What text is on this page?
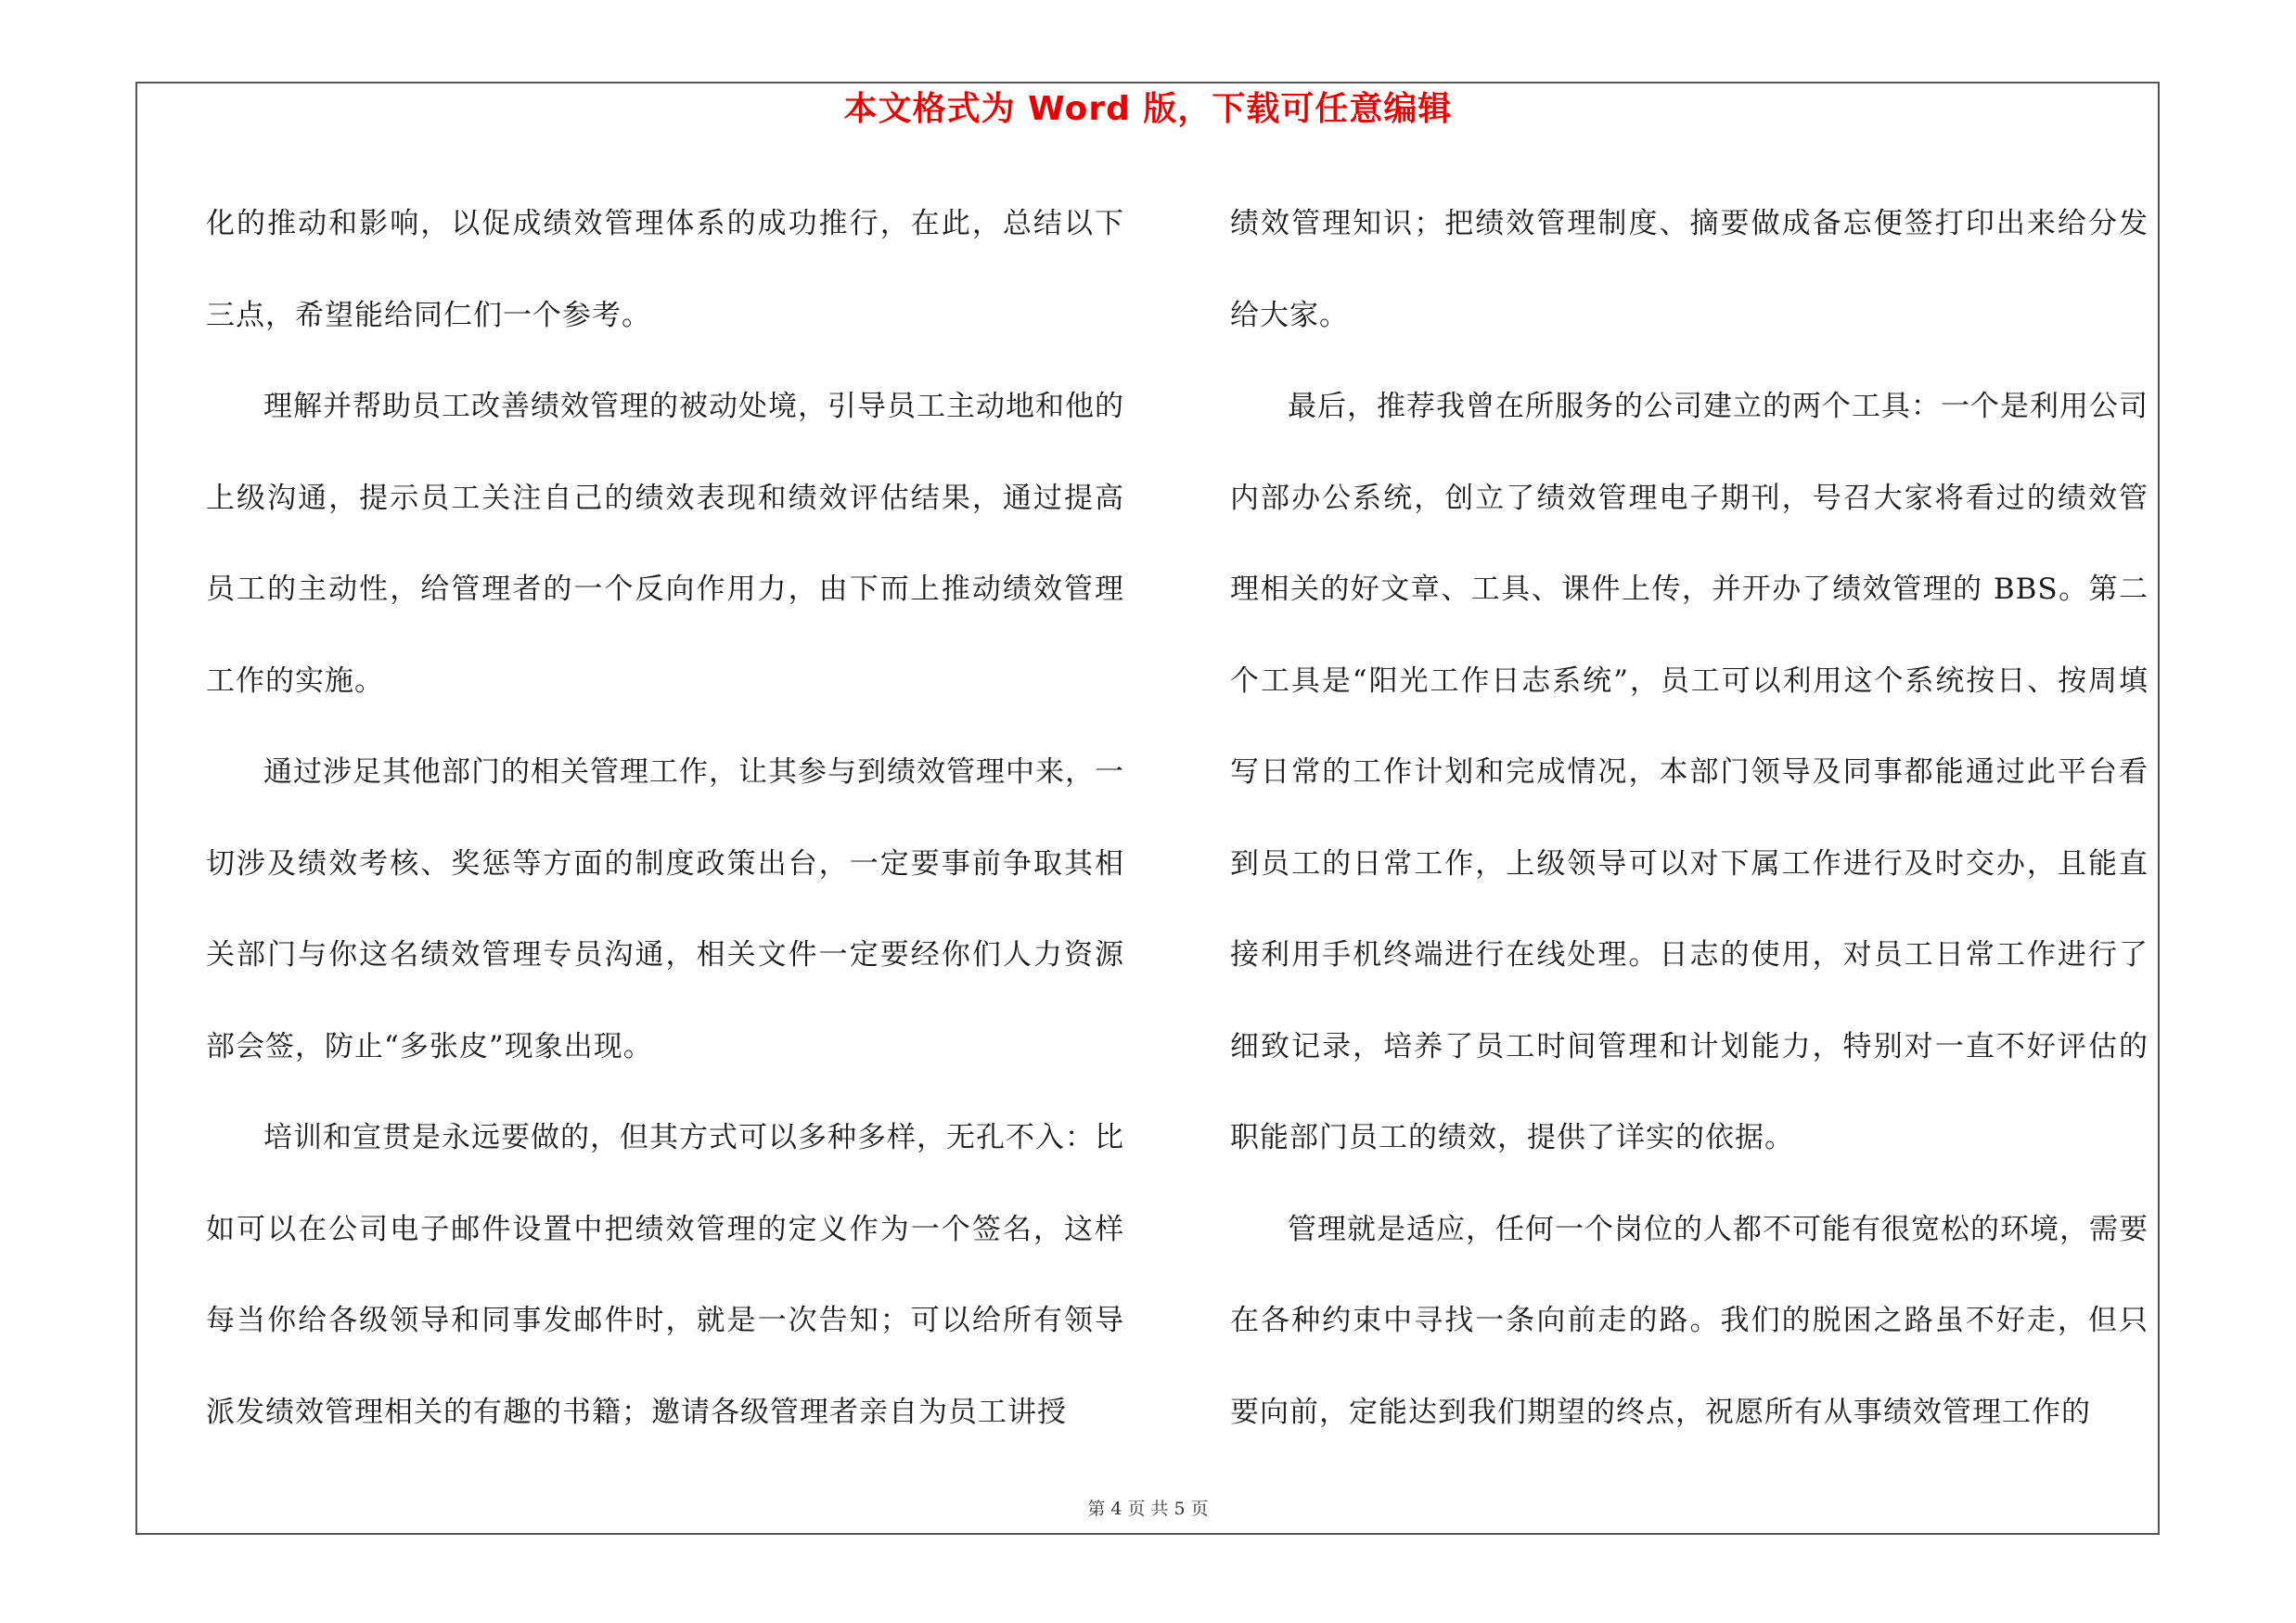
本文格式为 Word 版，下载可任意编辑

化的推动和影响，以促成绩效管理体系的成功推行，在此，总结以下三点，希望能给同仁们一个参考。

理解并帮助员工改善绩效管理的被动处境，引导员工主动地和他的上级沟通，提示员工关注自己的绩效表现和绩效评估结果，通过提高员工的主动性，给管理者的一个反向作用力，由下而上推动绩效管理工作的实施。

通过涉足其他部门的相关管理工作，让其参与到绩效管理中来，一切涉及绩效考核、奖惩等方面的制度政策出台，一定要事前争取其相关部门与你这名绩效管理专员沟通，相关文件一定要经你们人力资源部会签，防止“多张皮”现象出现。

培训和宣贯是永远要做的，但其方式可以多种多样，无孔不入：比如可以在公司电子邮件设置中把绩效管理的定义作为一个签名，这样每当你给各级领导和同事发邮件时，就是一次告知；可以给所有领导派发绩效管理相关的有趣的书籍；邀请各级管理者亲自为员工讲授

绩效管理知识；把绩效管理制度、摘要做成备忘便签打印出来给分发给大家。

最后，推荐我曾在所服务的公司建立的两个工具：一个是利用公司内部办公系统，创立了绩效管理电子期刊，号召大家将看过的绩效管理相关的好文章、工具、课件上传，并开办了绩效管理的 BBS。第二个工具是“阳光工作日志系统”，员工可以利用这个系统按日、按周填写日常的工作计划和完成情况，本部门领导及同事都能通过此平台看到员工的日常工作，上级领导可以对下属工作进行及时交办，且能直接利用手机终端进行在线处理。日志的使用，对员工日常工作进行了细致记录，培养了员工时间管理和计划能力，特别对一直不好评估的职能部门员工的绩效，提供了详实的依据。

管理就是适应，任何一个岗位的人都不可能有很宽松的环境，需要在各种约束中寻找一条向前走的路。我们的脱困之路虽不好走，但只要向前，定能达到我们期望的终点，祝愿所有从事绩效管理工作的

第 4 页 共 5 页
